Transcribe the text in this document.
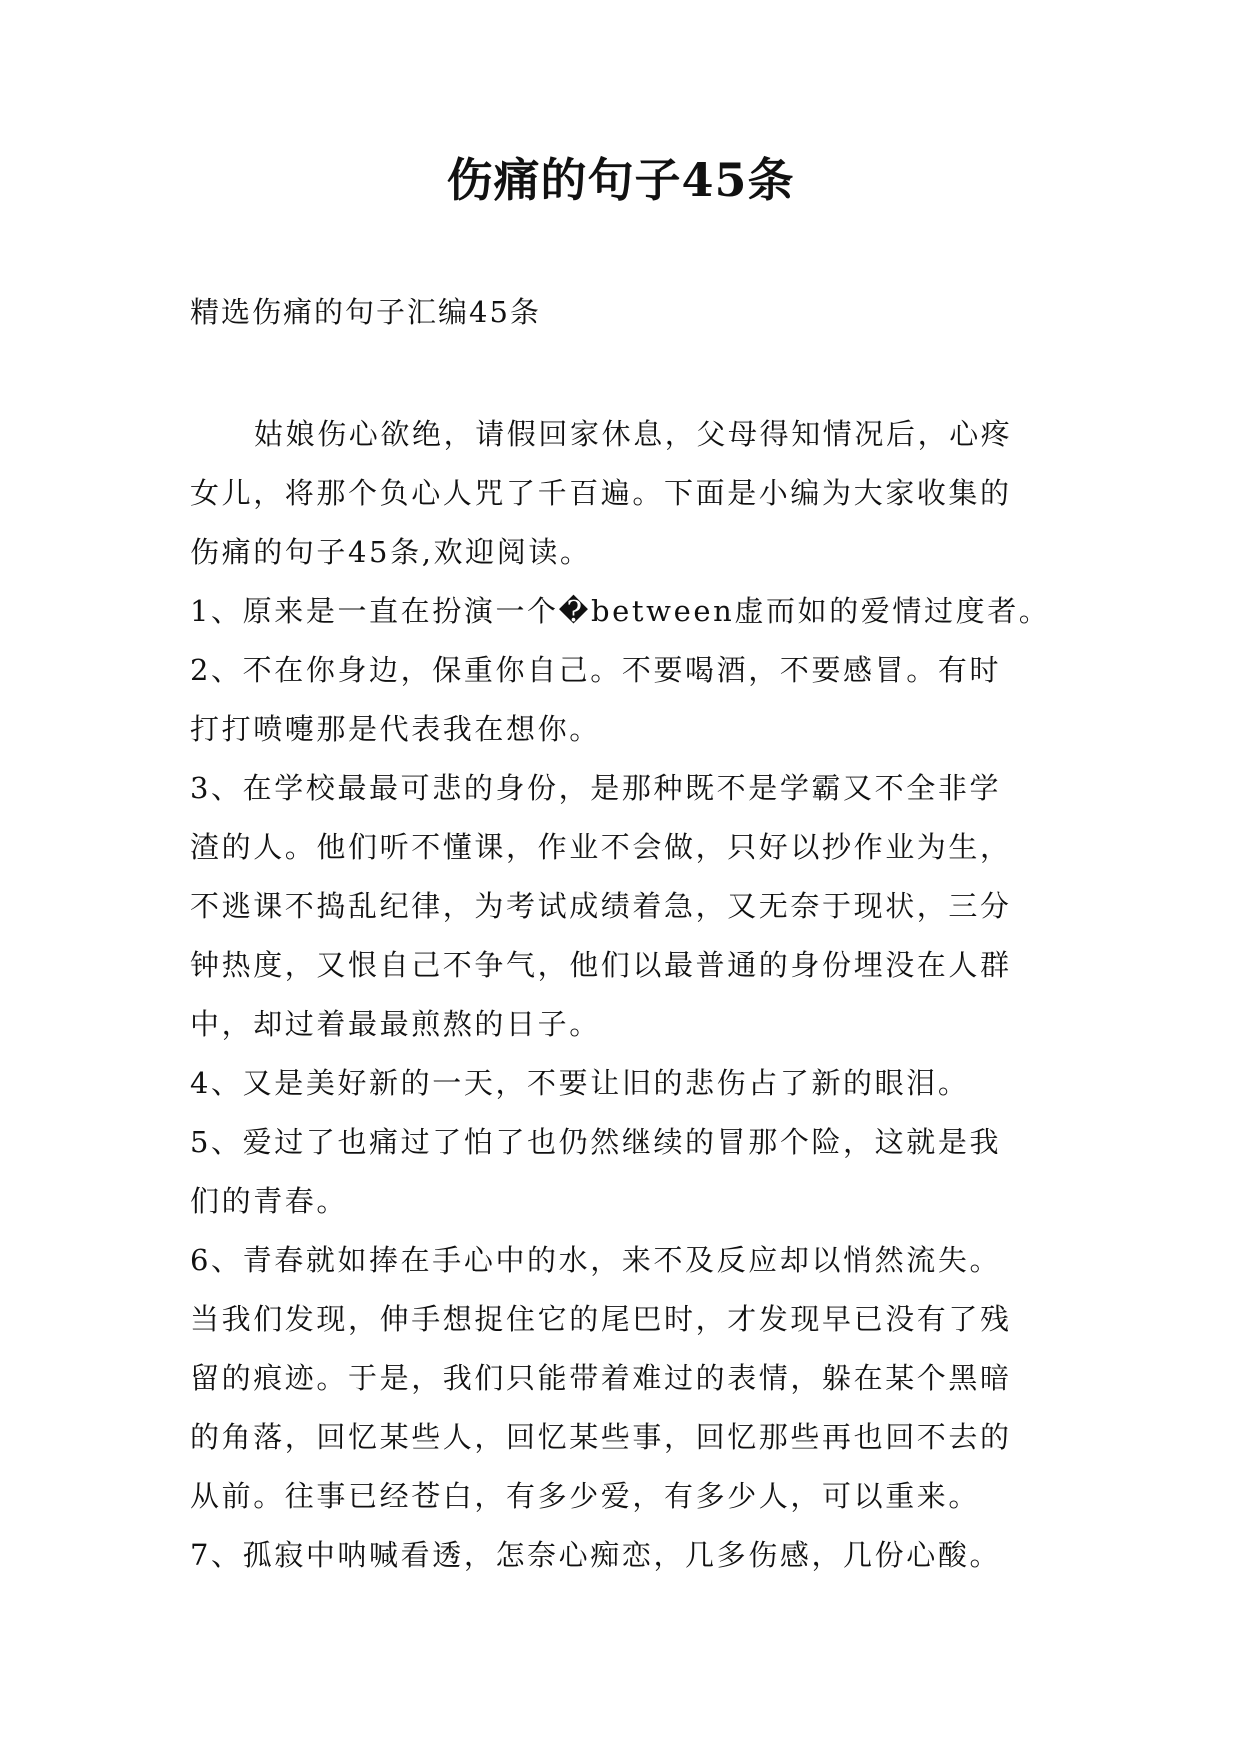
伤痛的句子45条

精选伤痛的句子汇编45条

姑娘伤心欲绝，请假回家休息，父母得知情况后，心疼
女儿，将那个负心人咒了千百遍。下面是小编为大家收集的
伤痛的句子45条,欢迎阅读。
1、原来是一直在扮演一个�between虚而如的爱情过度者。
2、不在你身边，保重你自己。不要喝酒，不要感冒。有时
打打喷嚏那是代表我在想你。
3、在学校最最可悲的身份，是那种既不是学霸又不全非学
渣的人。他们听不懂课，作业不会做，只好以抄作业为生，
不逃课不捣乱纪律，为考试成绩着急，又无奈于现状，三分
钟热度，又恨自己不争气，他们以最普通的身份埋没在人群
中，却过着最最煎熬的日子。
4、又是美好新的一天，不要让旧的悲伤占了新的眼泪。
5、爱过了也痛过了怕了也仍然继续的冒那个险，这就是我
们的青春。
6、青春就如捧在手心中的水，来不及反应却以悄然流失。
当我们发现，伸手想捉住它的尾巴时，才发现早已没有了残
留的痕迹。于是，我们只能带着难过的表情，躲在某个黑暗
的角落，回忆某些人，回忆某些事，回忆那些再也回不去的
从前。往事已经苍白，有多少爱，有多少人，可以重来。
7、孤寂中呐喊看透，怎奈心痴恋，几多伤感，几份心酸。
